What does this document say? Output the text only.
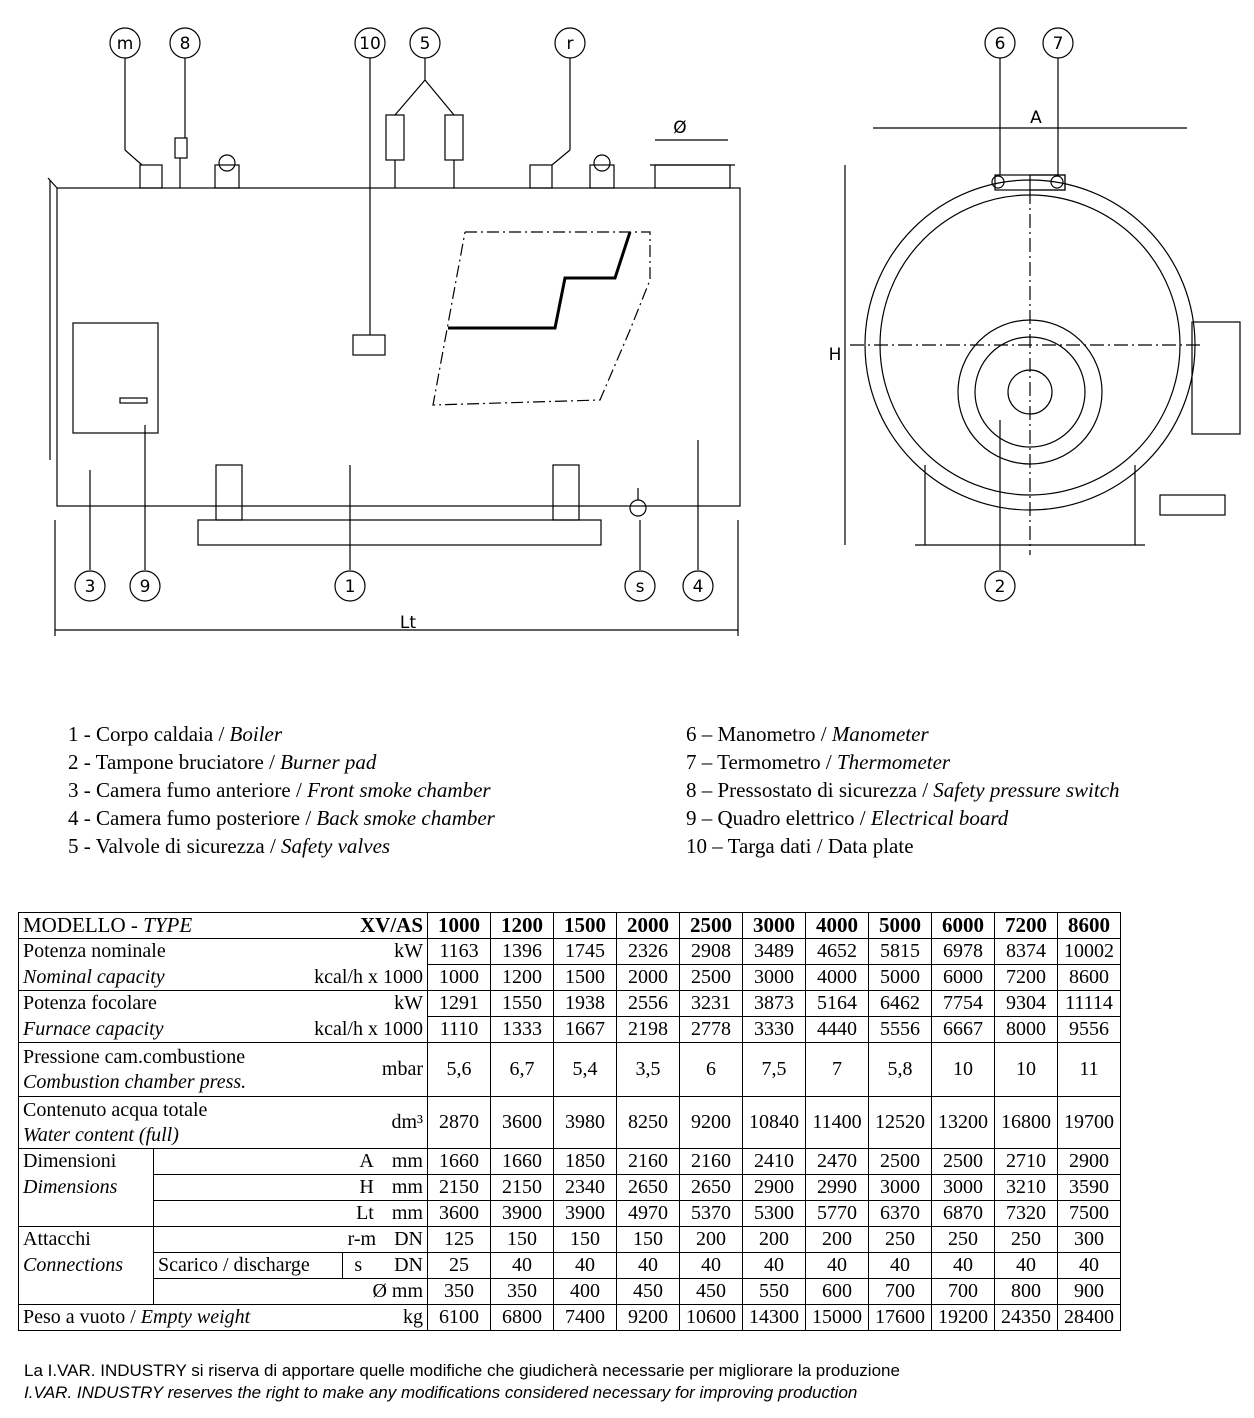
m	8	10 5	r
3	9	1	s	4
6	7
2
Ø	A
H
Lt
1 - Corpo caldaia / Boiler
2 - Tampone bruciatore / Burner pad
3 - Camera fumo anteriore / Front smoke chamber
4 - Camera fumo posteriore / Back smoke chamber
5 - Valvole di sicurezza / Safety valves
6 – Manometro / Manometer
7 – Termometro / Thermometer
8 – Pressostato di sicurezza / Safety pressure switch
9 – Quadro elettrico / Electrical board
10 – Targa dati / Data plate
MODELLO - TYPE XV/AS			1000	1200	1500	2000	2500	3000	4000	5000	6000	7200	8600

Potenza nominale kW			1163	1396	1745	2326	2908	3489	4652	5815	6978	8374	10002

Nominal capacity kcal/h x 1000			1000	1200	1500	2000	2500	3000	4000	5000	6000	7200	8600

Potenza focolare kW			1291	1550	1938	2556	3231	3873	5164	6462	7754	9304	11114

Furnace capacity kcal/h x 1000			1110	1333	1667	2198	2778	3330	4440	5556	6667	8000	9556

Pressione cam.combustione
Combustion chamber press.
mbar			5,6	6,7	5,4	3,5	6	7,5	7	5,8	10	10	11

Contenuto acqua totale
Water content (full)
dm³			2870	3600	3980	8250	9200	10840	11400	12520	13200	16800	19700
Dimensioni	A mm		1660	1660	1850	2160	2160	2410	2470	2500	2500	2710	2900
Dimensions	H mm		2150	2150	2340	2650	2650	2900	2990	3000	3000	3210	3590

	Lt mm		3600	3900	3900	4970	5370	5300	5770	6370	6870	7320	7500
Attacchi	r-m DN		125	150	150	150	200	200	200	250	250	250	300
Connections	Scarico / discharge	s DN	25	40	40	40	40	40	40	40	40	40	40
	Ø mm		350	350	400	450	450	550	600	700	700	800	900

Peso a vuoto / Empty weight kg			6100	6800	7400	9200	10600	14300	15000	17600	19200	24350	28400
La I.VAR. INDUSTRY si riserva di apportare quelle modifiche che giudicherà necessarie per migliorare la produzione
I.VAR. INDUSTRY reserves the right to make any modifications considered necessary for improving production
